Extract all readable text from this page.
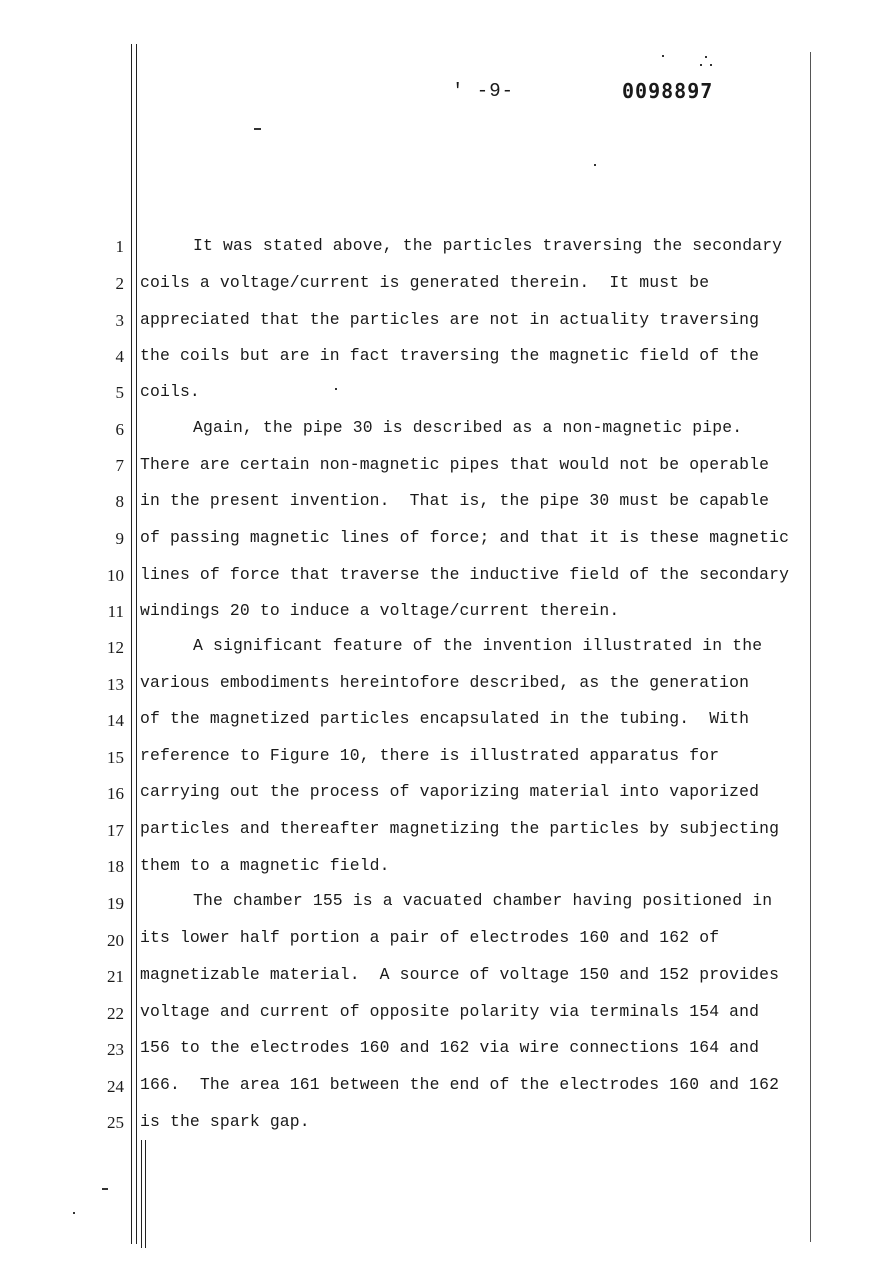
' -9-	0098897
1
2
3
4
5
6
7
8
9
10
11
12
13
14
15
16
17
18
19
20
21
22
23
24
25
It was stated above, the particles traversing the secondary
coils a voltage/current is generated therein.  It must be
appreciated that the particles are not in actuality traversing
the coils but are in fact traversing the magnetic field of the
coils.
Again, the pipe 30 is described as a non-magnetic pipe.
There are certain non-magnetic pipes that would not be operable
in the present invention.  That is, the pipe 30 must be capable
of passing magnetic lines of force; and that it is these magnetic
lines of force that traverse the inductive field of the secondary
windings 20 to induce a voltage/current therein.
A significant feature of the invention illustrated in the
various embodiments hereintofore described, as the generation
of the magnetized particles encapsulated in the tubing.  With
reference to Figure 10, there is illustrated apparatus for
carrying out the process of vaporizing material into vaporized
particles and thereafter magnetizing the particles by subjecting
them to a magnetic field.
The chamber 155 is a vacuated chamber having positioned in
its lower half portion a pair of electrodes 160 and 162 of
magnetizable material.  A source of voltage 150 and 152 provides
voltage and current of opposite polarity via terminals 154 and
156 to the electrodes 160 and 162 via wire connections 164 and
166.  The area 161 between the end of the electrodes 160 and 162
is the spark gap.
